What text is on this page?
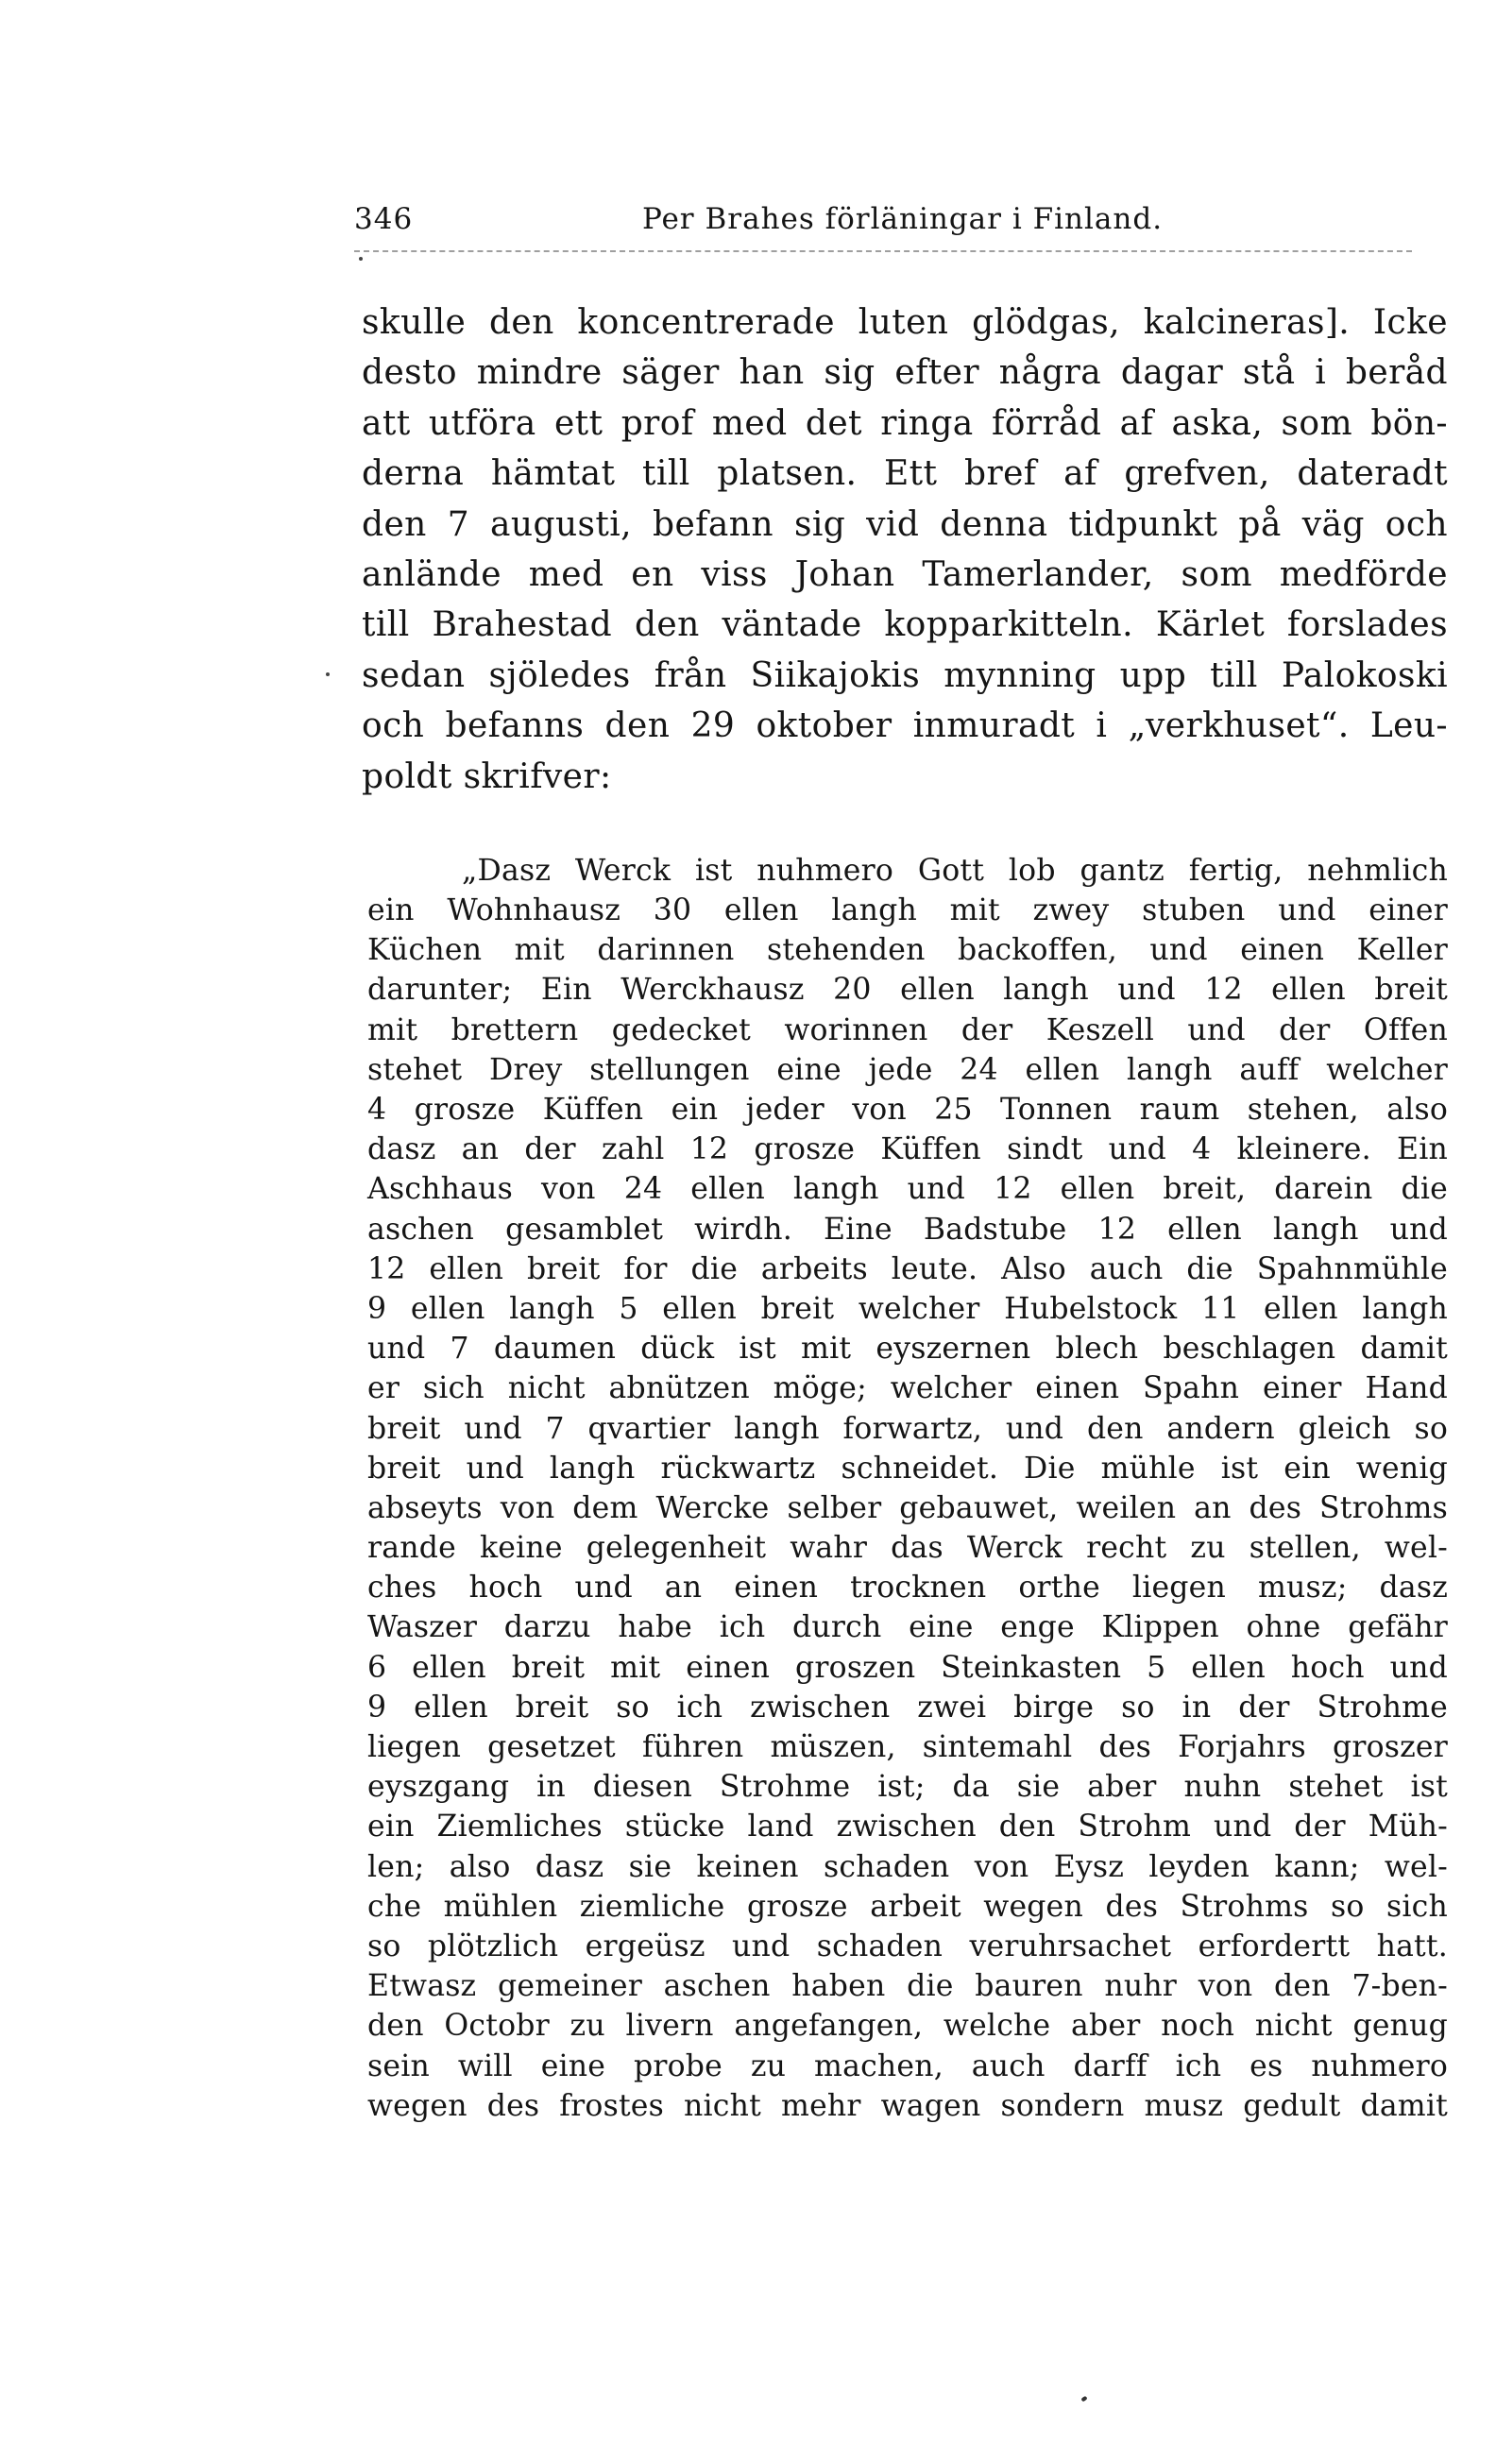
346	Per Brahes förläningar i Finland.
skulle den koncentrerade luten glödgas, kalcineras]. Icke
desto mindre säger han sig efter några dagar stå i beråd
att utföra ett prof med det ringa förråd af aska, som bön-
derna hämtat till platsen. Ett bref af grefven, dateradt
den 7 augusti, befann sig vid denna tidpunkt på väg och
anlände med en viss Johan Tamerlander, som medförde
till Brahestad den väntade kopparkitteln. Kärlet forslades
sedan sjöledes från Siikajokis mynning upp till Palokoski
och befanns den 29 oktober inmuradt i „verkhuset“. Leu-
poldt skrifver:
„Dasz Werck ist nuhmero Gott lob gantz fertig, nehmlich
ein Wohnhausz 30 ellen langh mit zwey stuben und einer
Küchen mit darinnen stehenden backoffen, und einen Keller
darunter; Ein Werckhausz 20 ellen langh und 12 ellen breit
mit brettern gedecket worinnen der Keszell und der Offen
stehet Drey stellungen eine jede 24 ellen langh auff welcher
4 grosze Küffen ein jeder von 25 Tonnen raum stehen, also
dasz an der zahl 12 grosze Küffen sindt und 4 kleinere. Ein
Aschhaus von 24 ellen langh und 12 ellen breit, darein die
aschen gesamblet wirdh. Eine Badstube 12 ellen langh und
12 ellen breit for die arbeits leute. Also auch die Spahnmühle
9 ellen langh 5 ellen breit welcher Hubelstock 11 ellen langh
und 7 daumen dück ist mit eyszernen blech beschlagen damit
er sich nicht abnützen möge; welcher einen Spahn einer Hand
breit und 7 qvartier langh forwartz, und den andern gleich so
breit und langh rückwartz schneidet. Die mühle ist ein wenig
abseyts von dem Wercke selber gebauwet, weilen an des Strohms
rande keine gelegenheit wahr das Werck recht zu stellen, wel-
ches hoch und an einen trocknen orthe liegen musz; dasz
Waszer darzu habe ich durch eine enge Klippen ohne gefähr
6 ellen breit mit einen groszen Steinkasten 5 ellen hoch und
9 ellen breit so ich zwischen zwei birge so in der Strohme
liegen gesetzet führen müszen, sintemahl des Forjahrs groszer
eyszgang in diesen Strohme ist; da sie aber nuhn stehet ist
ein Ziemliches stücke land zwischen den Strohm und der Müh-
len; also dasz sie keinen schaden von Eysz leyden kann; wel-
che mühlen ziemliche grosze arbeit wegen des Strohms so sich
so plötzlich ergeüsz und schaden veruhrsachet erfordertt hatt.
Etwasz gemeiner aschen haben die bauren nuhr von den 7-ben-
den Octobr zu livern angefangen, welche aber noch nicht genug
sein will eine probe zu machen, auch darff ich es nuhmero
wegen des frostes nicht mehr wagen sondern musz gedult damit
